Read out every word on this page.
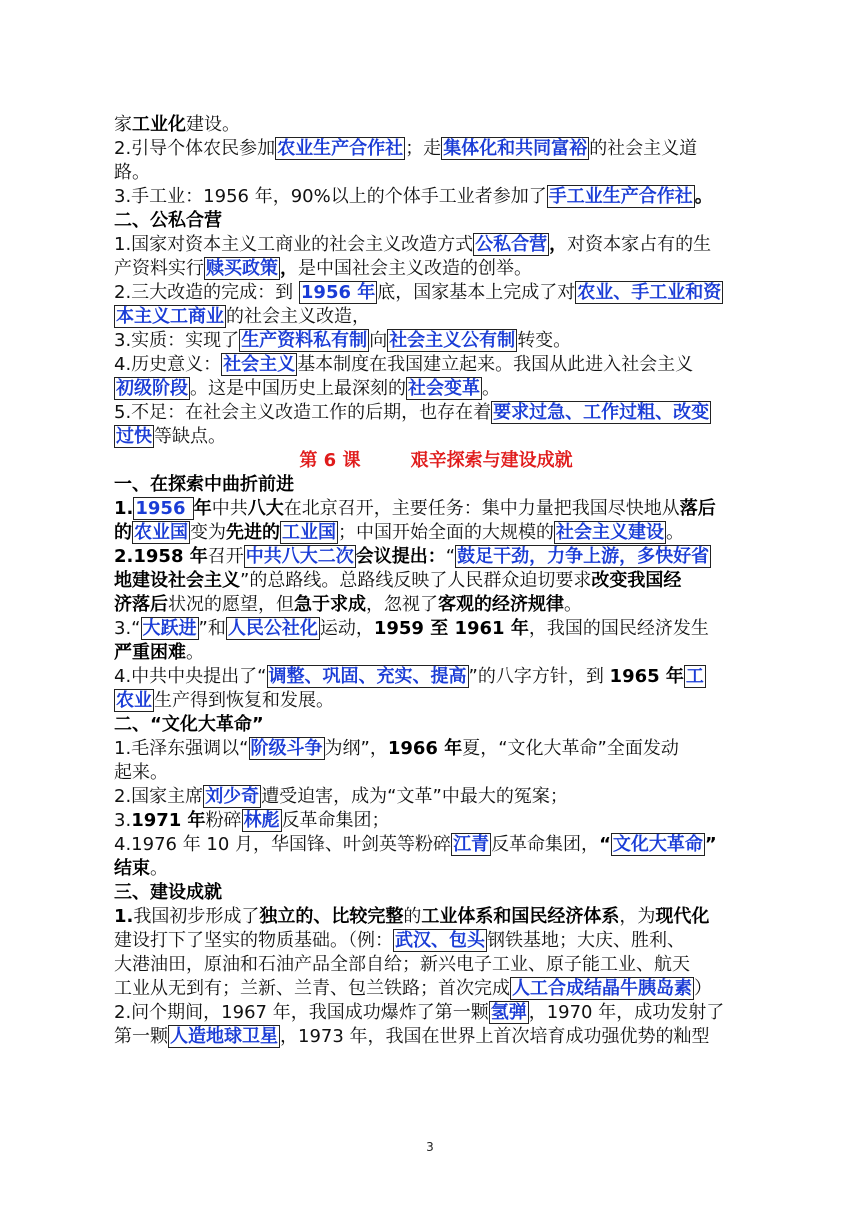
家工业化建设。
2.引导个体农民参加 农业生产合作社 ；走 集体化和共同富裕 的社会主义道
路。
3.手工业：1956 年，90%以上的个体手工业者参加了 手工业生产合作社 。
二、公私合营
1.国家对资本主义工商业的社会主义改造方式 公私合营 ，对资本家占有的生
产资料实行 赎买政策 ，是中国社会主义改造的创举。
2.三大改造的完成：到 1956 年 底，国家基本上完成了对 农业、手工业和资
本主义工商业 的社会主义改造，
3.实质：实现了 生产资料私有制 向 社会主义公有制 转变。
4.历史意义： 社会主义 基本制度在我国建立起来。我国从此进入社会主义
初级阶段 。这是中国历史上最深刻的 社会变革 。
5.不足：在社会主义改造工作的后期，也存在着 要求过急、工作过粗、改变
过快 等缺点。
第 6 课        艰辛探索与建设成就
一、在探索中曲折前进
1. 1956 年中共八大在北京召开，主要任务：集中力量把我国尽快地从落后
的 农业国 变为先进的 工业国 ；中国开始全面的大规模的 社会主义建设 。
2.1958 年召开 中共八大二次 会议提出：“ 鼓足干劲，力争上游，多快好省
地建设社会主义”的总路线。总路线反映了人民群众迫切要求改变我国经
济落后状况的愿望，但急于求成，忽视了客观的经济规律。
3.“ 大跃进 ”和 人民公社化 运动，1959 至 1961 年，我国的国民经济发生
严重困难。
4.中共中央提出了“ 调整、巩固、充实、提高 ”的八字方针，到 1965 年 工
农业 生产得到恢复和发展。
二、“文化大革命”
1.毛泽东强调以“ 阶级斗争 为纲”，1966 年夏，“文化大革命”全面发动
起来。
2.国家主席 刘少奇 遭受迫害，成为“文革”中最大的冤案；
3.1971 年粉碎 林彪 反革命集团；
4.1976 年 10 月，华国锋、叶剑英等粉碎 江青 反革命集团，“ 文化大革命 ”
结束。
三、建设成就
1.我国初步形成了独立的、比较完整的工业体系和国民经济体系，为现代化
建设打下了坚实的物质基础。（例： 武汉、包头 钢铁基地；大庆、胜利、
大港油田，原油和石油产品全部自给；新兴电子工业、原子能工业、航天
工业从无到有；兰新、兰青、包兰铁路；首次完成 人工合成结晶牛胰岛素 ）
2.问个期间，1967 年，我国成功爆炸了第一颗 氢弹 ，1970 年，成功发射了
第一颗 人造地球卫星 ，1973 年，我国在世界上首次培育成功强优势的籼型
3
